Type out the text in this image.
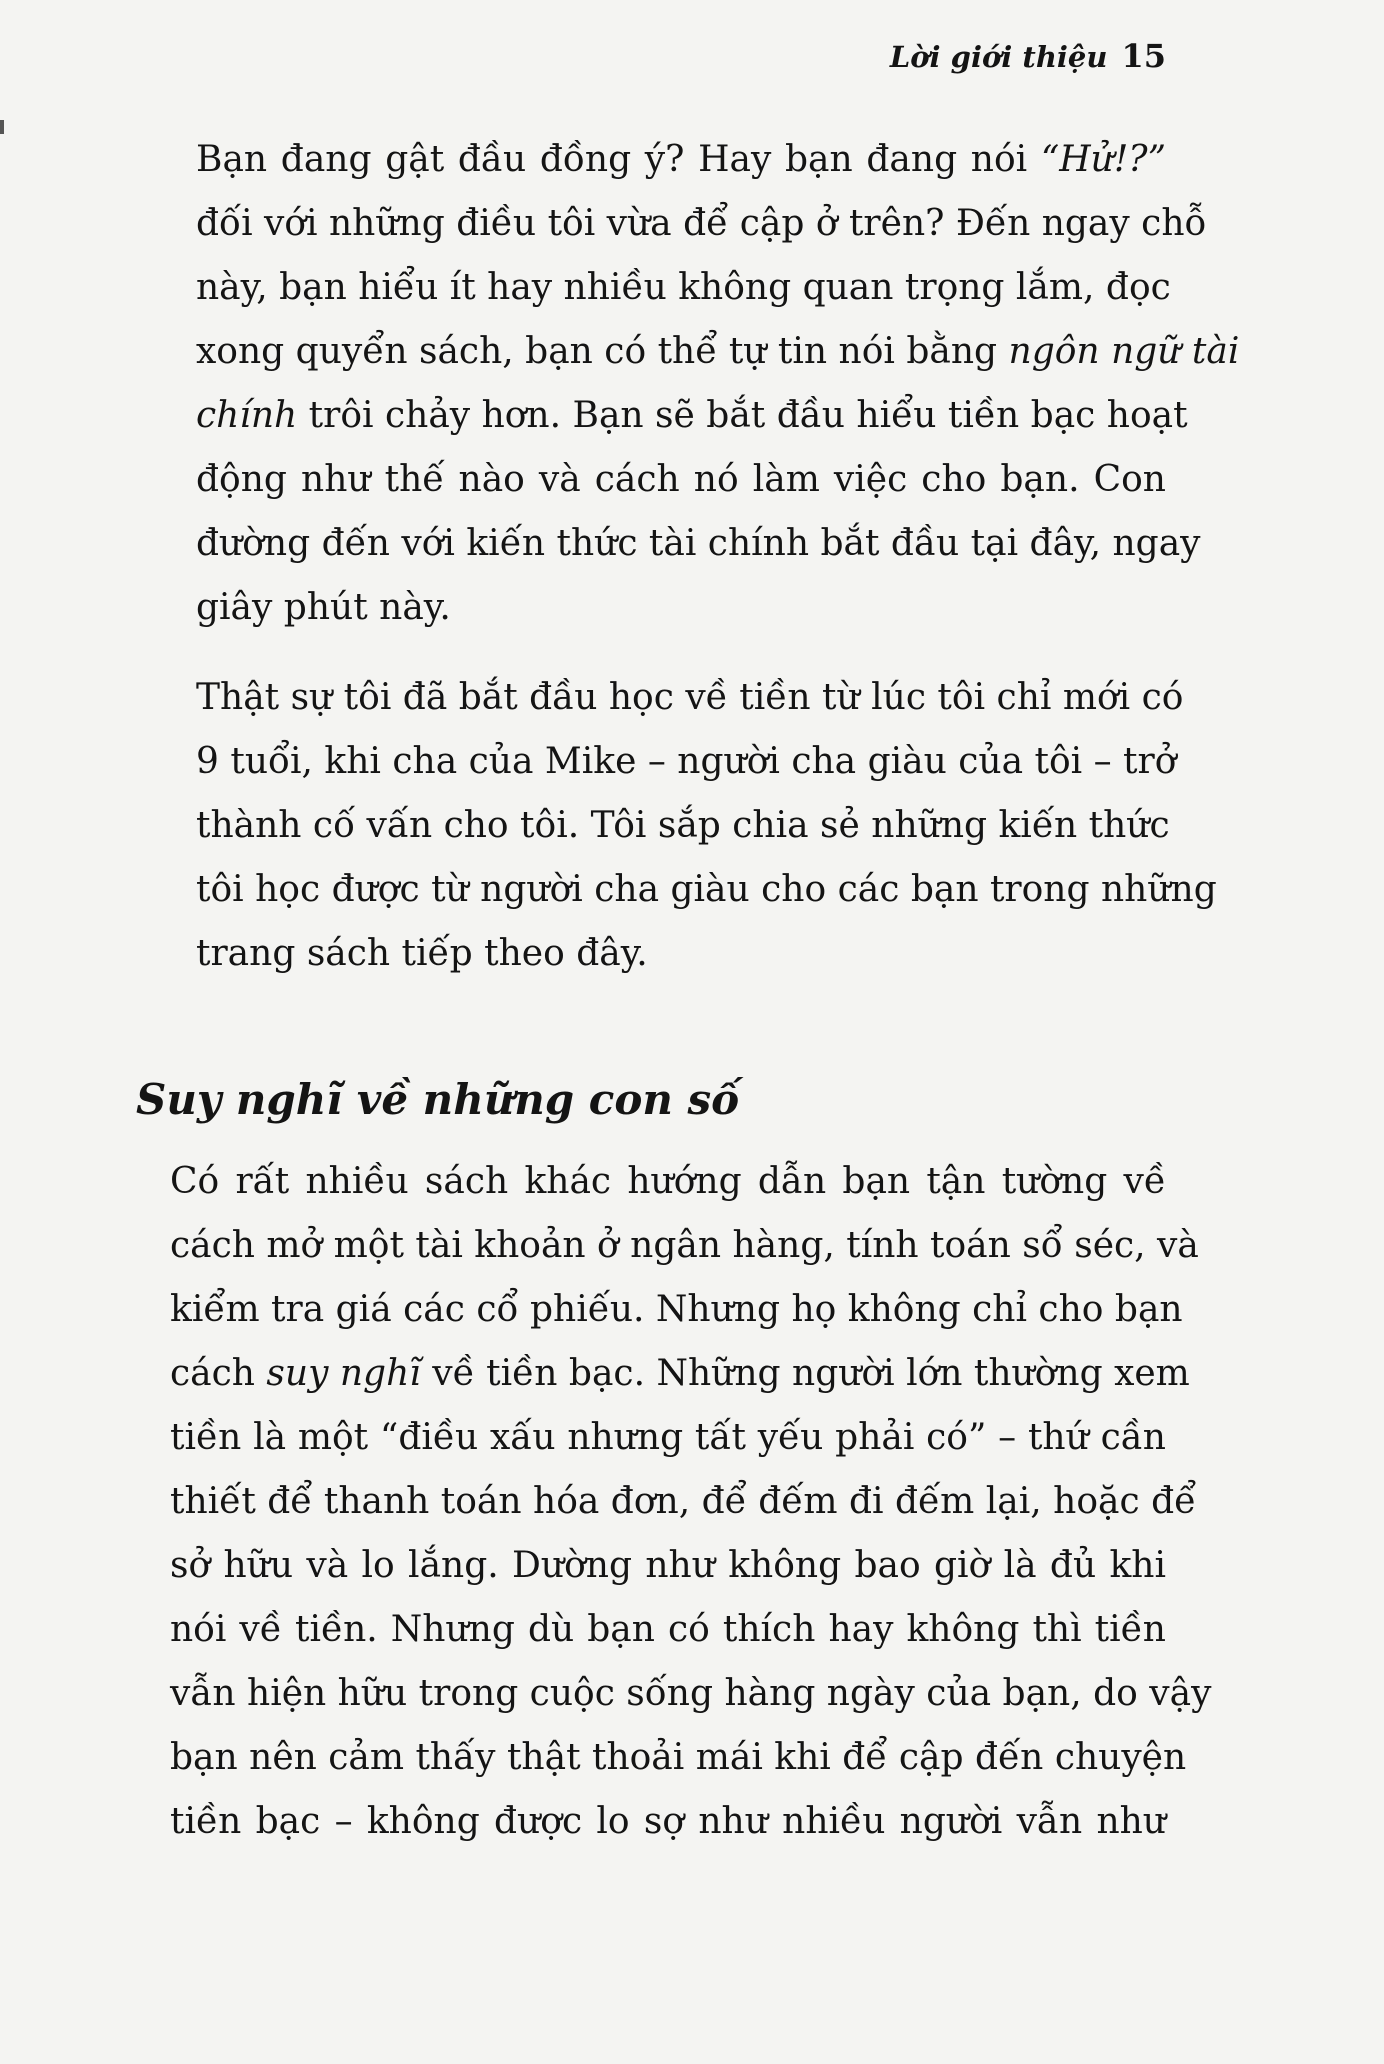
Lời giới thiệu 15

Bạn đang gật đầu đồng ý? Hay bạn đang nói “Hử!?”
đối với những điều tôi vừa để cập ở trên? Đến ngay chỗ
này, bạn hiểu ít hay nhiều không quan trọng lắm, đọc
xong quyển sách, bạn có thể tự tin nói bằng ngôn ngữ tài
chính trôi chảy hơn. Bạn sẽ bắt đầu hiểu tiền bạc hoạt
động như thế nào và cách nó làm việc cho bạn. Con
đường đến với kiến thức tài chính bắt đầu tại đây, ngay
giây phút này.

Thật sự tôi đã bắt đầu học về tiền từ lúc tôi chỉ mới có
9 tuổi, khi cha của Mike – người cha giàu của tôi – trở
thành cố vấn cho tôi. Tôi sắp chia sẻ những kiến thức
tôi học được từ người cha giàu cho các bạn trong những
trang sách tiếp theo đây.

Suy nghĩ về những con số

Có rất nhiều sách khác hướng dẫn bạn tận tường về
cách mở một tài khoản ở ngân hàng, tính toán sổ séc, và
kiểm tra giá các cổ phiếu. Nhưng họ không chỉ cho bạn
cách suy nghĩ về tiền bạc. Những người lớn thường xem
tiền là một “điều xấu nhưng tất yếu phải có” – thứ cần
thiết để thanh toán hóa đơn, để đếm đi đếm lại, hoặc để
sở hữu và lo lắng. Dường như không bao giờ là đủ khi
nói về tiền. Nhưng dù bạn có thích hay không thì tiền
vẫn hiện hữu trong cuộc sống hàng ngày của bạn, do vậy
bạn nên cảm thấy thật thoải mái khi để cập đến chuyện
tiền bạc – không được lo sợ như nhiều người vẫn như
